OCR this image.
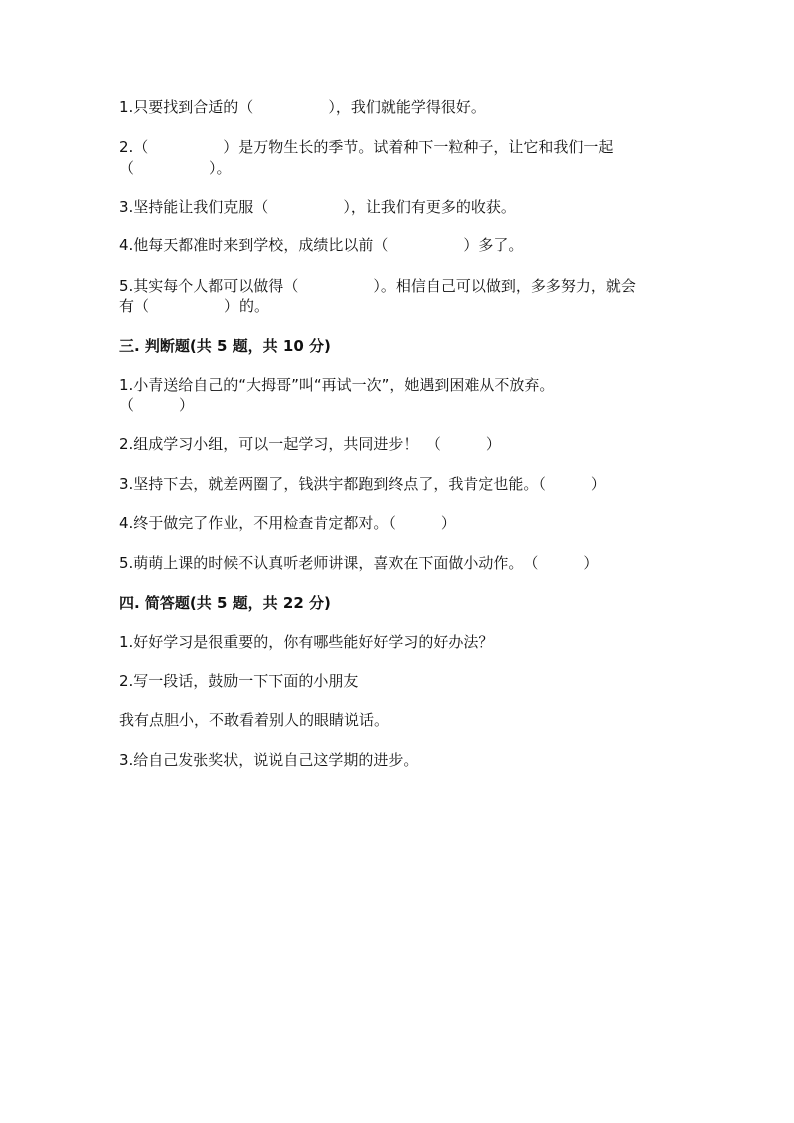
1.只要找到合适的（　　　　　），我们就能学得很好。
2.（　　　　　）是万物生长的季节。试着种下一粒种子，让它和我们一起
（　　　　　）。
3.坚持能让我们克服（　　　　　），让我们有更多的收获。
4.他每天都准时来到学校，成绩比以前（　　　　　）多了。
5.其实每个人都可以做得（　　　　　）。相信自己可以做到，多多努力，就会
有（　　　　　）的。
三. 判断题(共 5 题，共 10 分)
1.小青送给自己的“大拇哥”叫“再试一次”，她遇到困难从不放弃。
（　　　）
2.组成学习小组，可以一起学习，共同进步！　（　　　）
3.坚持下去，就差两圈了，钱洪宇都跑到终点了，我肯定也能。（　　　）
4.终于做完了作业，不用检查肯定都对。（　　　）
5.萌萌上课的时候不认真听老师讲课，喜欢在下面做小动作。　（　　　）
四. 简答题(共 5 题，共 22 分)
1.好好学习是很重要的，你有哪些能好好学习的好办法？
2.写一段话，鼓励一下下面的小朋友
我有点胆小，不敢看着别人的眼睛说话。
3.给自己发张奖状，说说自己这学期的进步。
